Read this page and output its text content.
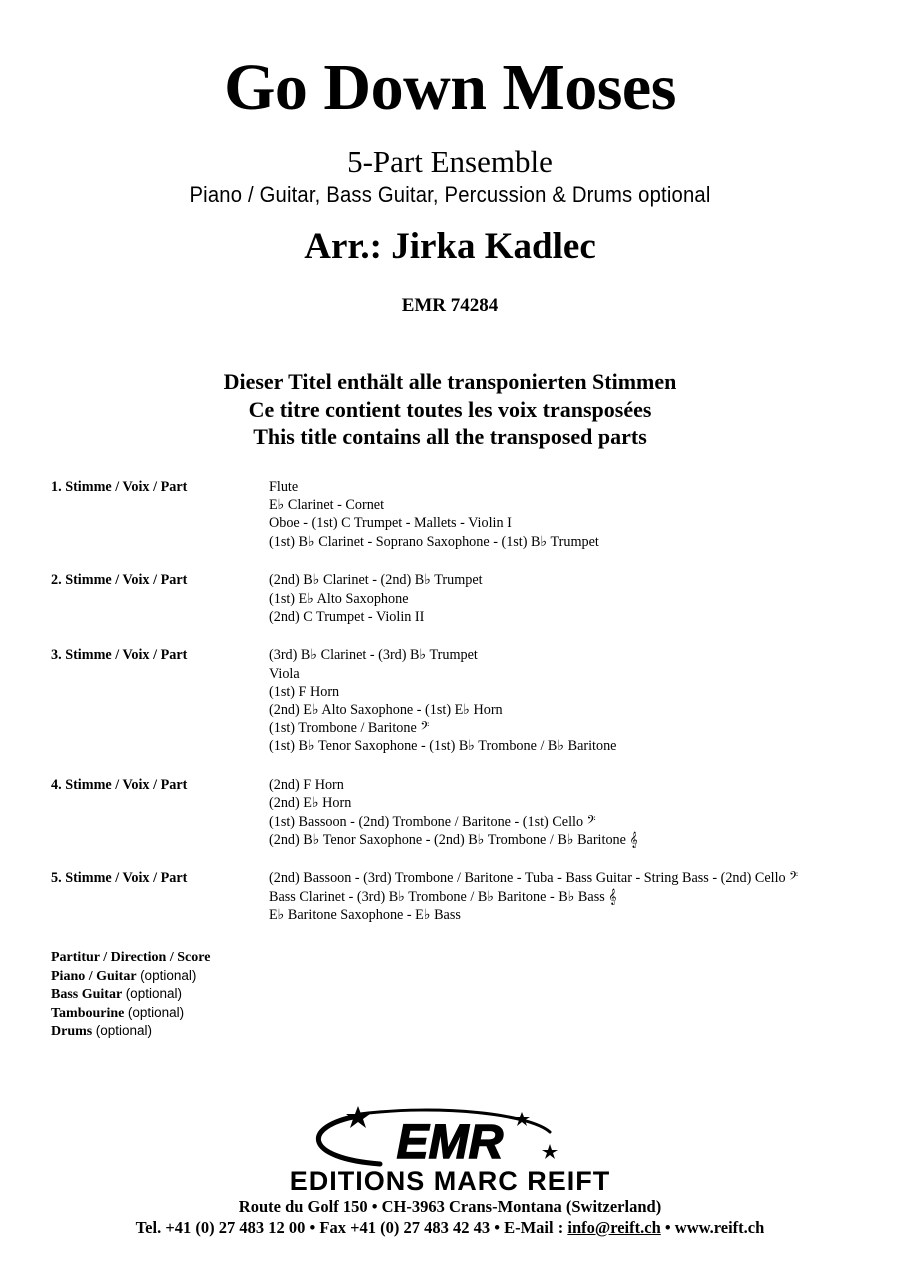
Go Down Moses
5-Part Ensemble
Piano / Guitar, Bass Guitar, Percussion & Drums optional
Arr.: Jirka Kadlec
EMR 74284
Dieser Titel enthält alle transponierten Stimmen
Ce titre contient toutes les voix transposées
This title contains all the transposed parts
1. Stimme / Voix / Part	Flute
E♭ Clarinet - Cornet
Oboe - (1st) C Trumpet - Mallets - Violin I
(1st) B♭ Clarinet - Soprano Saxophone - (1st) B♭ Trumpet
2. Stimme / Voix / Part	(2nd) B♭ Clarinet - (2nd) B♭ Trumpet
(1st) E♭ Alto Saxophone
(2nd) C Trumpet - Violin II
3. Stimme / Voix / Part	(3rd) B♭ Clarinet - (3rd) B♭ Trumpet
Viola
(1st) F Horn
(2nd) E♭ Alto Saxophone - (1st) E♭ Horn
(1st) Trombone / Baritone 𝄢
(1st) B♭ Tenor Saxophone - (1st) B♭ Trombone / B♭ Baritone
4. Stimme / Voix / Part	(2nd) F Horn
(2nd) E♭ Horn
(1st) Bassoon - (2nd) Trombone / Baritone - (1st) Cello 𝄢
(2nd) B♭ Tenor Saxophone - (2nd) B♭ Trombone / B♭ Baritone 𝄞
5. Stimme / Voix / Part	(2nd) Bassoon - (3rd) Trombone / Baritone - Tuba - Bass Guitar - String Bass - (2nd) Cello 𝄢
Bass Clarinet - (3rd) B♭ Trombone / B♭ Baritone - B♭ Bass 𝄞
E♭ Baritone Saxophone - E♭ Bass
Partitur / Direction / Score
Piano / Guitar (optional)
Bass Guitar (optional)
Tambourine (optional)
Drums (optional)
EMR
EDITIONS MARC REIFT
Route du Golf 150 • CH-3963 Crans-Montana (Switzerland)
Tel. +41 (0) 27 483 12 00 • Fax +41 (0) 27 483 42 43 • E-Mail : info@reift.ch • www.reift.ch
